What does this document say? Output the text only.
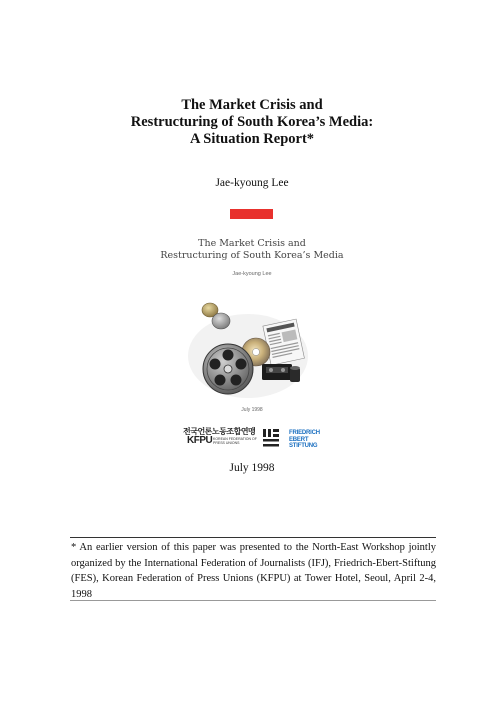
The Market Crisis and
Restructuring of South Korea’s Media:
A Situation Report*
Jae-kyoung Lee
The Market Crisis and
Restructuring of South Korea’s Media
Jae-kyoung Lee
July 1998
전국언론노동조합연맹
KFPU KOREAN FEDERATION OF PRESS UNIONS
FRIEDRICH
EBERT
STIFTUNG
July 1998
* An earlier version of this paper was presented to the North-East Workshop jointly organized by the International Federation of Journalists (IFJ), Friedrich-Ebert-Stiftung (FES), Korean Federation of Press Unions (KFPU) at Tower Hotel, Seoul, April 2-4, 1998
